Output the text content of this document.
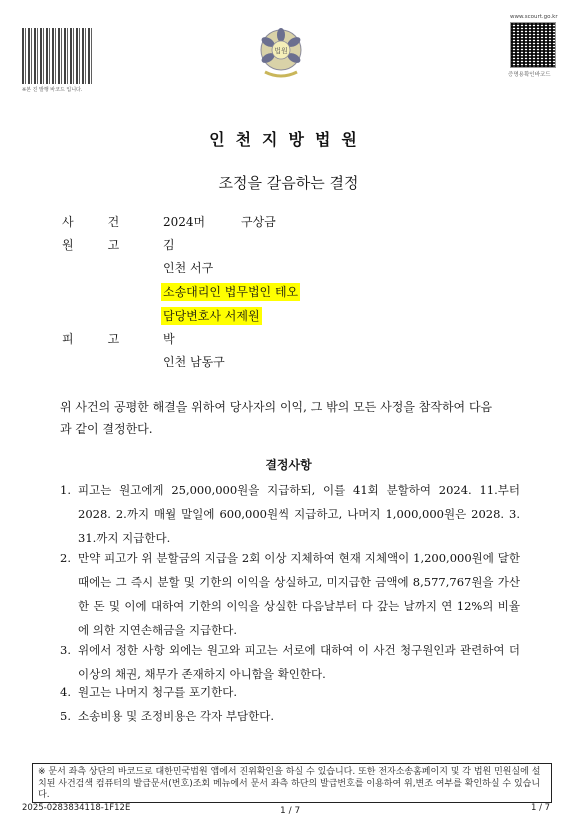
※본 진 발행 바코드 입니다.
법원
www.scourt.go.kr
증명용확인바코드
인천지방법원
조정을 갈음하는 결정
사건 2024머	구상금
원고 김
인천 서구
소송대리인 법무법인 테오
담당변호사 서제원
피고 박
인천 남동구
위 사건의 공평한 해결을 위하여 당사자의 이익, 그 밖의 모든 사정을 참작하여 다음
과 같이 결정한다.
결정사항
1. 피고는 원고에게 25,000,000원을 지급하되, 이를 41회 분할하여 2024. 11.부터 2028. 2.까지 매월 말일에 600,000원씩 지급하고, 나머지 1,000,000원은 2028. 3. 31.까지 지급한다.
2. 만약 피고가 위 분할금의 지급을 2회 이상 지체하여 현재 지체액이 1,200,000원에 달한 때에는 그 즉시 분할 및 기한의 이익을 상실하고, 미지급한 금액에 8,577,767원을 가산한 돈 및 이에 대하여 기한의 이익을 상실한 다음날부터 다 갚는 날까지 연 12%의 비율에 의한 지연손해금을 지급한다.
3. 위에서 정한 사항 외에는 원고와 피고는 서로에 대하여 이 사건 청구원인과 관련하여 더 이상의 채권, 채무가 존재하지 아니함을 확인한다.
4. 원고는 나머지 청구를 포기한다.
5. 소송비용 및 조정비용은 각자 부담한다.
※ 문서 좌측 상단의 바코드로 대한민국법원 앱에서 진위확인을 하실 수 있습니다. 또한 전자소송홈페이지 및 각 법원 민원실에 설치된 사건검색 컴퓨터의 발급문서(번호)조회 메뉴에서 문서 좌측 하단의 발급번호를 이용하여 위,변조 여부를 확인하실 수 있습니다.
2025-0283834118-1F12E	1 / 7	1 / 7
